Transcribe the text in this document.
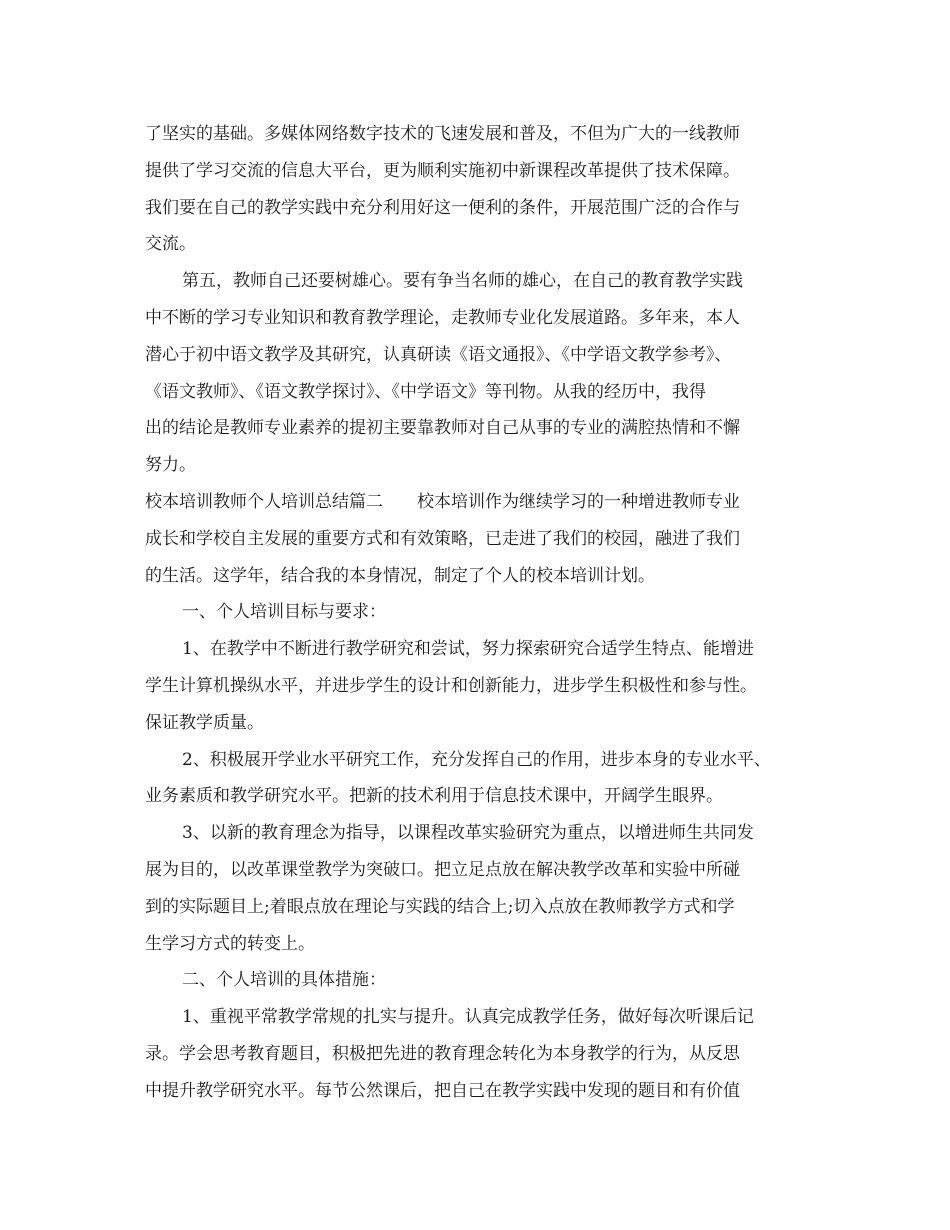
了坚实的基础。多媒体网络数字技术的飞速发展和普及，不但为广大的一线教师
提供了学习交流的信息大平台，更为顺利实施初中新课程改革提供了技术保障。
我们要在自己的教学实践中充分利用好这一便利的条件，开展范围广泛的合作与
交流。
第五，教师自己还要树雄心。要有争当名师的雄心，在自己的教育教学实践
中不断的学习专业知识和教育教学理论，走教师专业化发展道路。多年来，本人
潜心于初中语文教学及其研究，认真研读《语文通报》、《中学语文教学参考》、
《语文教师》、《语文教学探讨》、《中学语文》等刊物。从我的经历中，我得
出的结论是教师专业素养的提初主要靠教师对自己从事的专业的满腔热情和不懈
努力。
校本培训教师个人培训总结篇二　　校本培训作为继续学习的一种增进教师专业
成长和学校自主发展的重要方式和有效策略，已走进了我们的校园，融进了我们
的生活。这学年，结合我的本身情况，制定了个人的校本培训计划。
一、个人培训目标与要求：
1、在教学中不断进行教学研究和尝试，努力探索研究合适学生特点、能增进
学生计算机操纵水平，并进步学生的设计和创新能力，进步学生积极性和参与性。
保证教学质量。
2、积极展开学业水平研究工作，充分发挥自己的作用，进步本身的专业水平、
业务素质和教学研究水平。把新的技术利用于信息技术课中，开阔学生眼界。
3、以新的教育理念为指导，以课程改革实验研究为重点，以增进师生共同发
展为目的，以改革课堂教学为突破口。把立足点放在解决教学改革和实验中所碰
到的实际题目上;着眼点放在理论与实践的结合上;切入点放在教师教学方式和学
生学习方式的转变上。
二、个人培训的具体措施：
1、重视平常教学常规的扎实与提升。认真完成教学任务，做好每次听课后记
录。学会思考教育题目，积极把先进的教育理念转化为本身教学的行为，从反思
中提升教学研究水平。每节公然课后，把自己在教学实践中发现的题目和有价值
